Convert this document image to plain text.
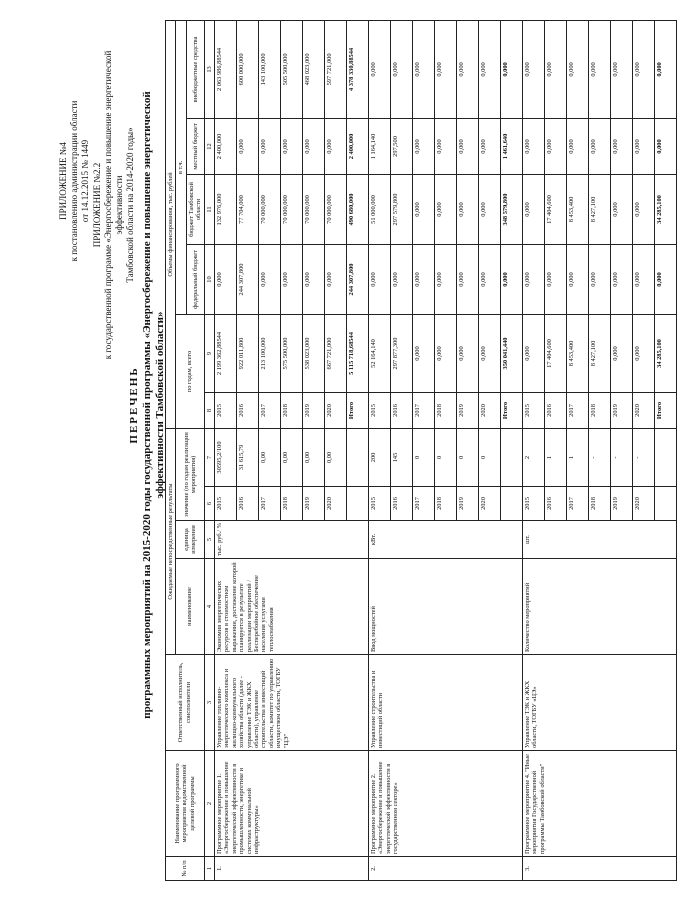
ПРИЛОЖЕНИЕ №4 к постановлению администрации области от 14.12.2015 № 1449 ПРИЛОЖЕНИЕ №2.2 к государственной программе «Энергосбережение и повышение энергетической эффективности Тамбовской области на 2014-2020 годы»
ПЕРЕЧЕНЬ программных мероприятий на 2015-2020 годы государственной программы «Энергосбережение и повышение энергетической эффективности Тамбовской области»
№ п/п	Наименование программного мероприятия ведомственной целевой программы	Ответственный исполнитель, соисполнители	Ожидаемые непосредственные результаты				Объемы финансирования, тыс. рублей					
			наименование	единица измерения	значение (по годам реализации мероприятия)		по годам, всего		в т.ч.			
									федеральный бюджет	бюджет Тамбовской области	местный бюджет	внебюджетные средства
1	2	3	4	5	6	7	8	9	10	11	12	13
1.	Программное мероприятие 1. «Энергосбережение и повышение энергетической эффективности в промышленности, энергетике и системах коммунальной инфраструктуры»	Управление топливно-энергетического комплекса и жилищно-коммунального хозяйства области (далее - управление ТЭК и ЖКХ области), управление строительства и инвестиций области, комитет по управлению имуществом области, ТОГБУ "ЦЭ"	Экономия энергетических ресурсов в стоимостном выражении, достижение которой планируется в результате реализации мероприятий / Бесперебойное обеспечение населения услугами теплоснабжения	тыс. руб./ %	2015	30595,2/100	2015	2 199 362,88544	0,000	132 976,000	2 400,000	2 063 986,88544
					2016	31 615,79	2016	922 011,800	244 307,800	77 704,000	0,000	600 000,000
					2017	0,00	2017	213 100,000	0,000	70 000,000	0,000	143 100,000
					2018	0,00	2018	575 500,000	0,000	70 000,000	0,000	505 500,000
					2019	0,00	2019	538 023,000	0,000	70 000,000	0,000	468 023,000
					2020	0,00	2020	667 721,000	0,000	70 000,000	0,000	597 721,000
							Итого	5 115 718,68544	244 307,800	490 680,000	2 400,000	4 378 330,88544
2.	Программное мероприятие 2. «Энергосбережение и повышение энергетической эффективности в государственном секторе»	Управление строительства и инвестиций области	Ввод мощностей	кВт.	2015	200	2015	52 164,140	0,000	51 000,000	1 164,140	0,000
					2016	145	2016	297 877,300	0,000	297 579,800	297,500	0,000
					2017	0	2017	0,000	0,000	0,000	0,000	0,000
					2018	0	2018	0,000	0,000	0,000	0,000	0,000
					2019	0	2019	0,000	0,000	0,000	0,000	0,000
					2020	0	2020	0,000	0,000	0,000	0,000	0,000
							Итого	350 041,440	0,000	348 579,800	1 461,640	0,000
3.	Программное мероприятие 4. "Иные мероприятия Государственной программы Тамбовской области"	Управление ТЭК и ЖКХ области, ТОГБУ «ЦЭ»	Количество мероприятий	шт.	2015	2	2015	0,000	0,000	0,000	0,000	0,000
					2016	1	2016	17 404,600	0,000	17 404,600	0,000	0,000
					2017	1	2017	8 453,400	0,000	8 453,400	0,000	0,000
					2018	-	2018	8 427,100	0,000	8 427,100	0,000	0,000
					2019	-	2019	0,000	0,000	0,000	0,000	0,000
					2020	-	2020	0,000	0,000	0,000	0,000	0,000
							Итого	34 285,100	0,000	34 285,100	0,000	0,000
